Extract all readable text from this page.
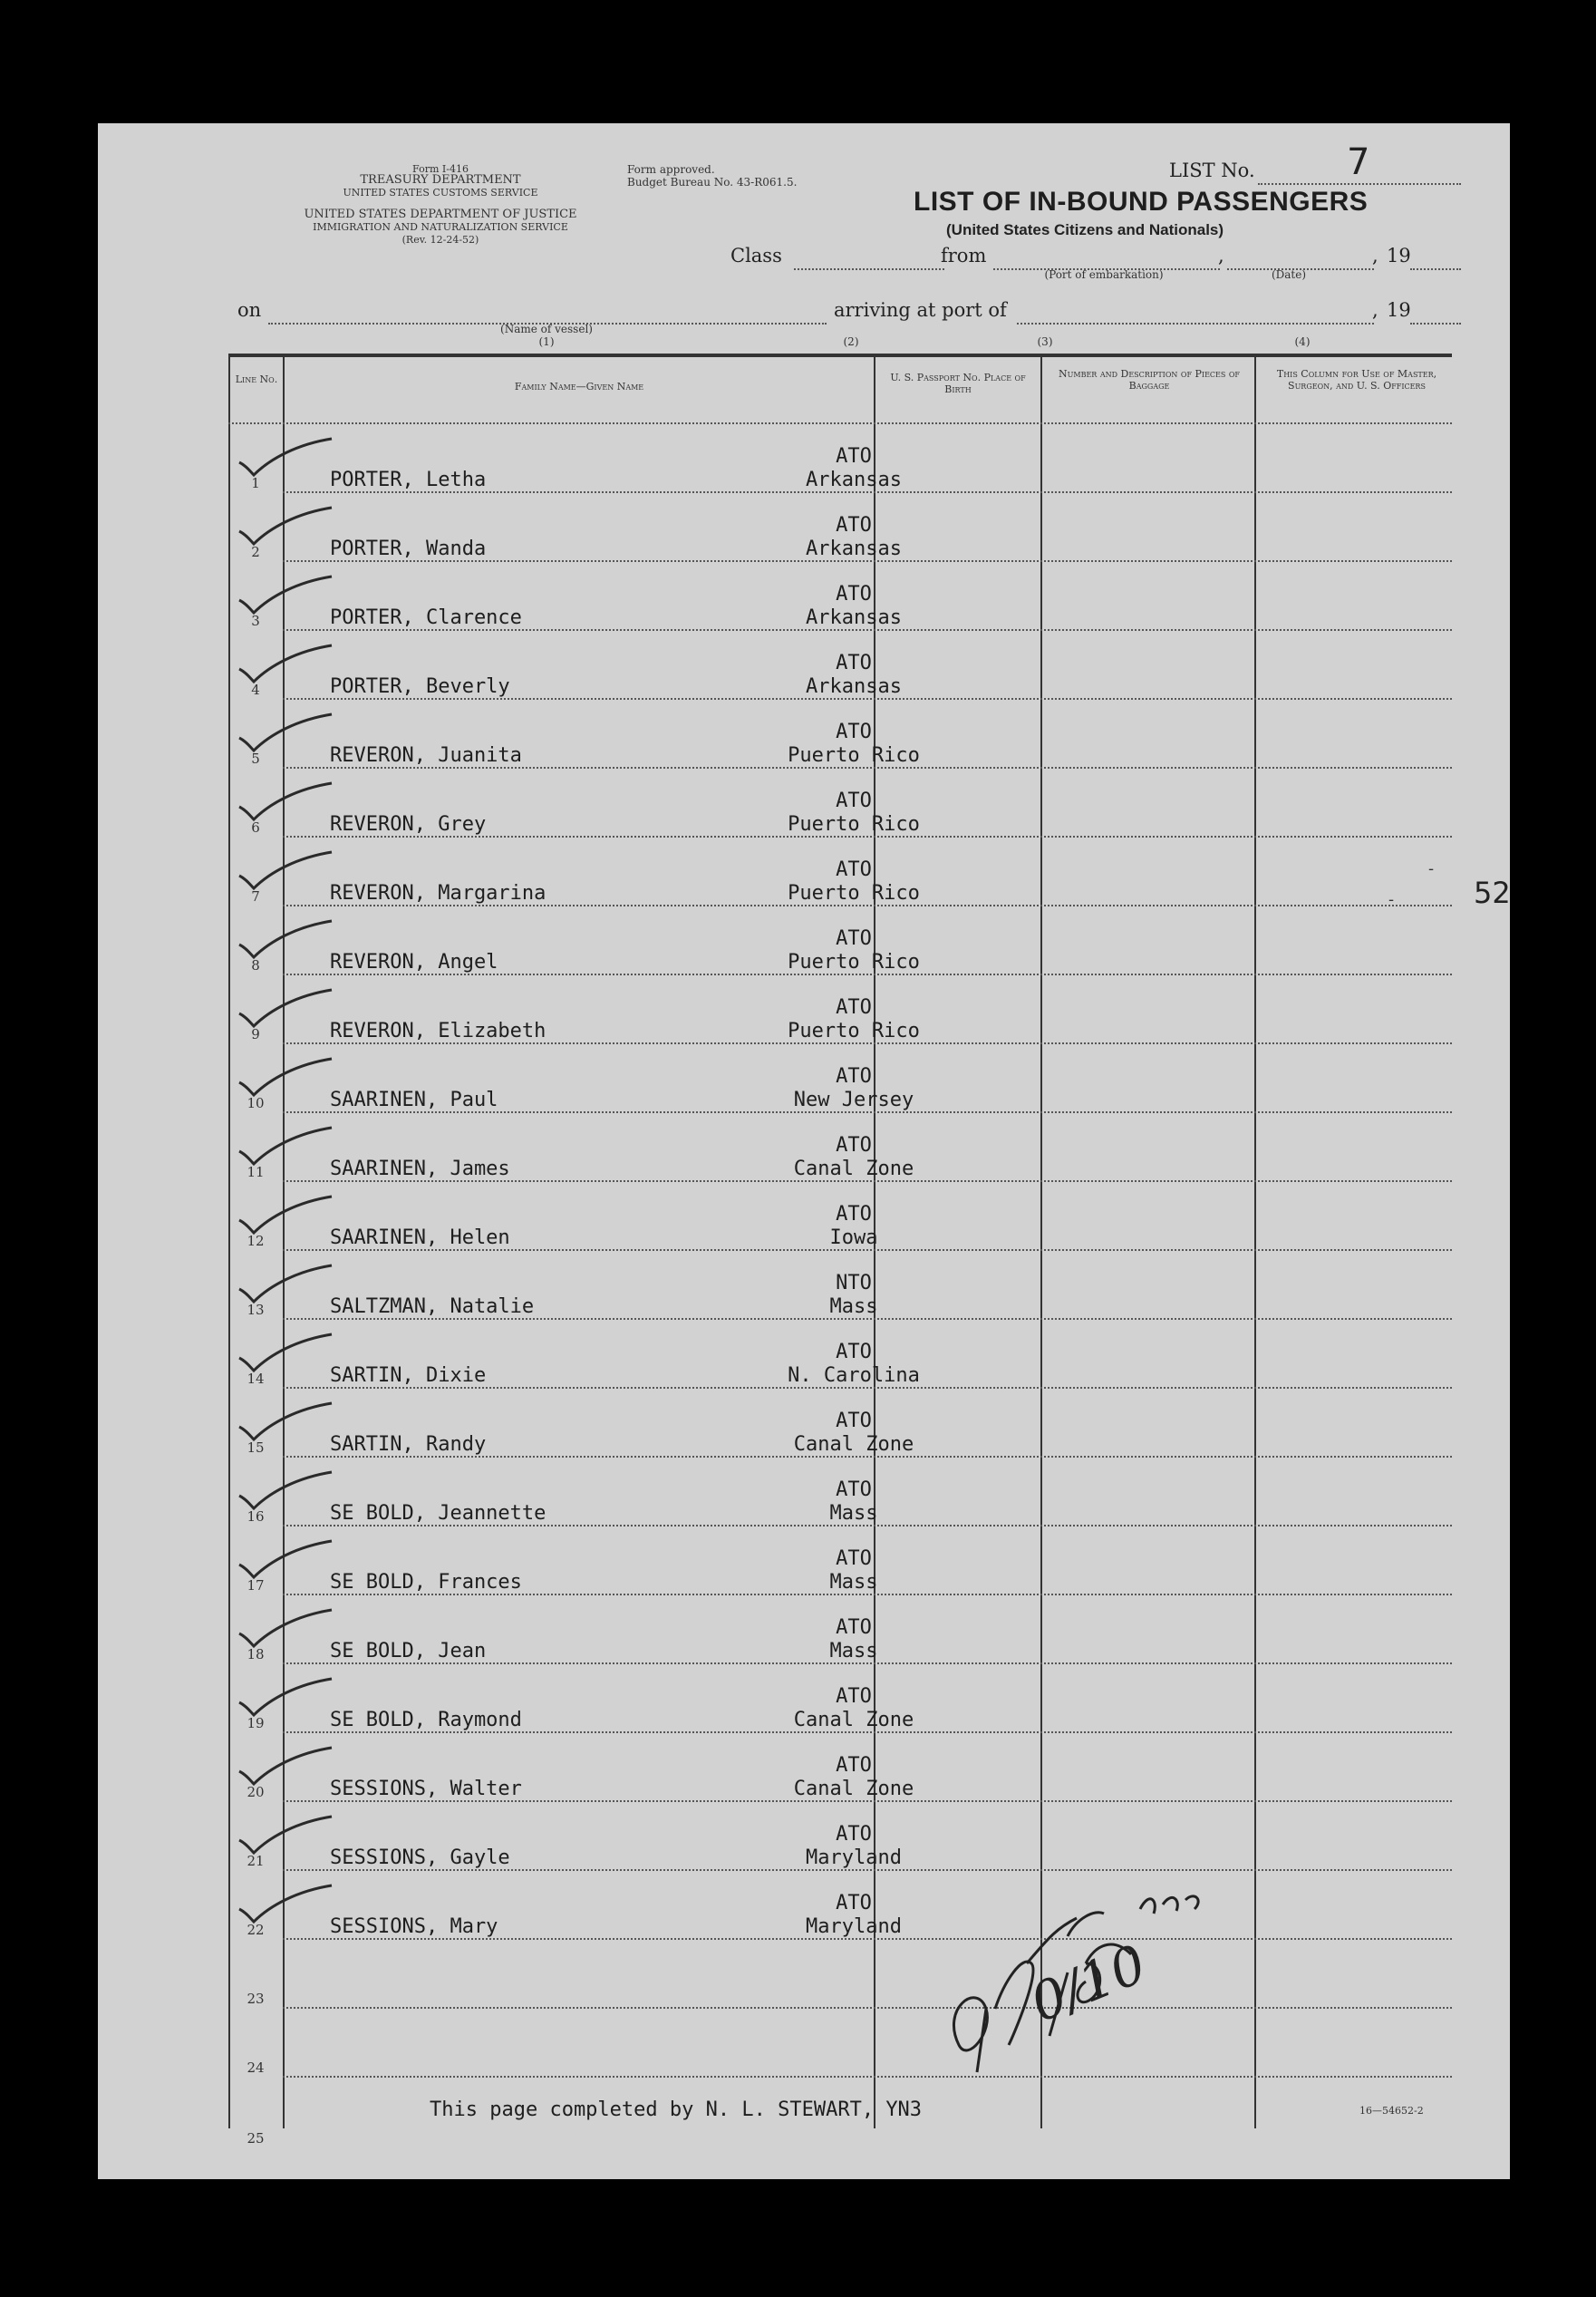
Form I-416
TREASURY DEPARTMENT
UNITED STATES CUSTOMS SERVICE
UNITED STATES DEPARTMENT OF JUSTICE
IMMIGRATION AND NATURALIZATION SERVICE
(Rev. 12-24-52)
Form approved.
Budget Bureau No. 43-R061.5.
LIST No.	7
LIST OF IN-BOUND PASSENGERS
(United States Citizens and Nationals)
Class	from	,	, 19
(Port of embarkation)	(Date)
on	arriving at port of	, 19
(Name of vessel)
(1)	(2)	(3)	(4)
Line No.
Family Name—Given Name
U. S. Passport No. Place of Birth
Number and Description of Pieces of Baggage
This Column for Use of Master, Surgeon, and U. S. Officers
1	PORTER, Letha
ATO
Arkansas
2	PORTER, Wanda
ATO
Arkansas
3	PORTER, Clarence
ATO
Arkansas
4	PORTER, Beverly
ATO
Arkansas
5	REVERON, Juanita
ATO
Puerto Rico
6	REVERON, Grey
ATO
Puerto Rico
7	REVERON, Margarina
ATO
Puerto Rico
8	REVERON, Angel
ATO
Puerto Rico
9	REVERON, Elizabeth
ATO
Puerto Rico
10	SAARINEN, Paul
ATO
New Jersey
11	SAARINEN, James
ATO
Canal Zone
12	SAARINEN, Helen
ATO
Iowa
13	SALTZMAN, Natalie
NTO
Mass
14	SARTIN, Dixie
ATO
N. Carolina
15	SARTIN, Randy
ATO
Canal Zone
16	SE BOLD, Jeannette
ATO
Mass
17	SE BOLD, Frances
ATO
Mass
18	SE BOLD, Jean
ATO
Mass
19	SE BOLD, Raymond
ATO
Canal Zone
20	SESSIONS, Walter
ATO
Canal Zone
21	SESSIONS, Gayle
ATO
Maryland
22	SESSIONS, Mary
ATO
Maryland
23
24
25
52
-
-
This page completed by N. L. STEWART, YN3
0/10
16—54652-2
